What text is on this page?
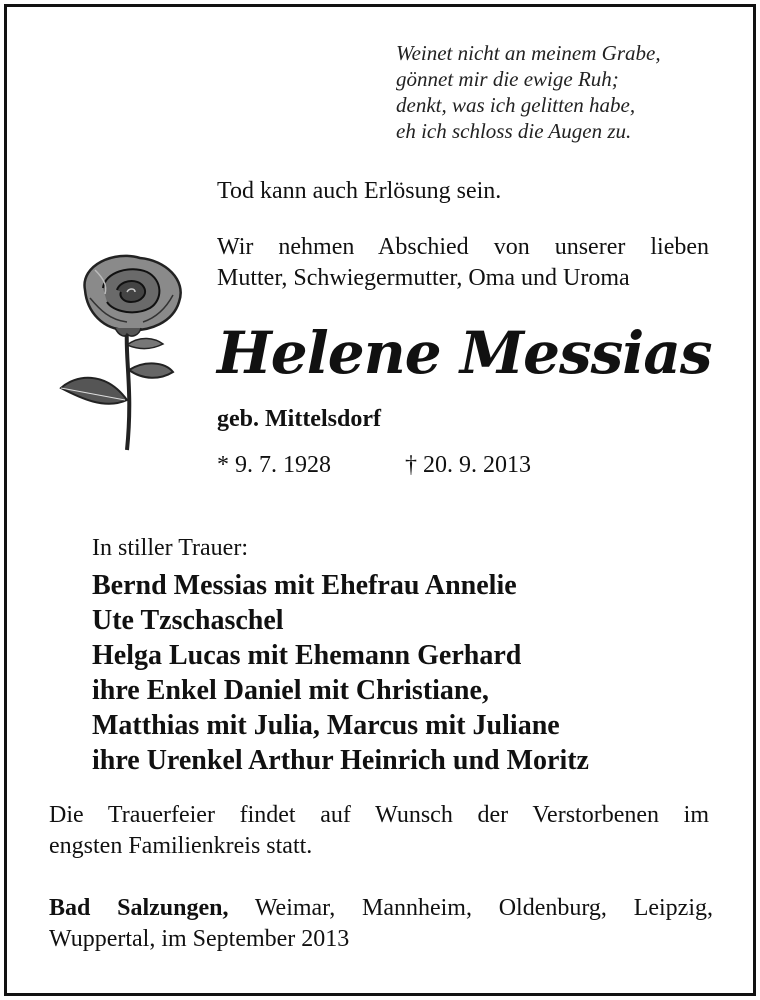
Weinet nicht an meinem Grabe,
gönnet mir die ewige Ruh;
denkt, was ich gelitten habe,
eh ich schloss die Augen zu.
Tod kann auch Erlösung sein.
Wir nehmen Abschied von unserer lieben
Mutter, Schwiegermutter, Oma und Uroma
Helene Messias
geb. Mittelsdorf
* 9. 7. 1928	† 20. 9. 2013
In stiller Trauer:
Bernd Messias mit Ehefrau Annelie
Ute Tzschaschel
Helga Lucas mit Ehemann Gerhard
ihre Enkel Daniel mit Christiane,
Matthias mit Julia, Marcus mit Juliane
ihre Urenkel Arthur Heinrich und Moritz
Die Trauerfeier findet auf Wunsch der Verstorbenen im
engsten Familienkreis statt.
Bad Salzungen, Weimar, Mannheim, Oldenburg, Leipzig,
Wuppertal, im September 2013
